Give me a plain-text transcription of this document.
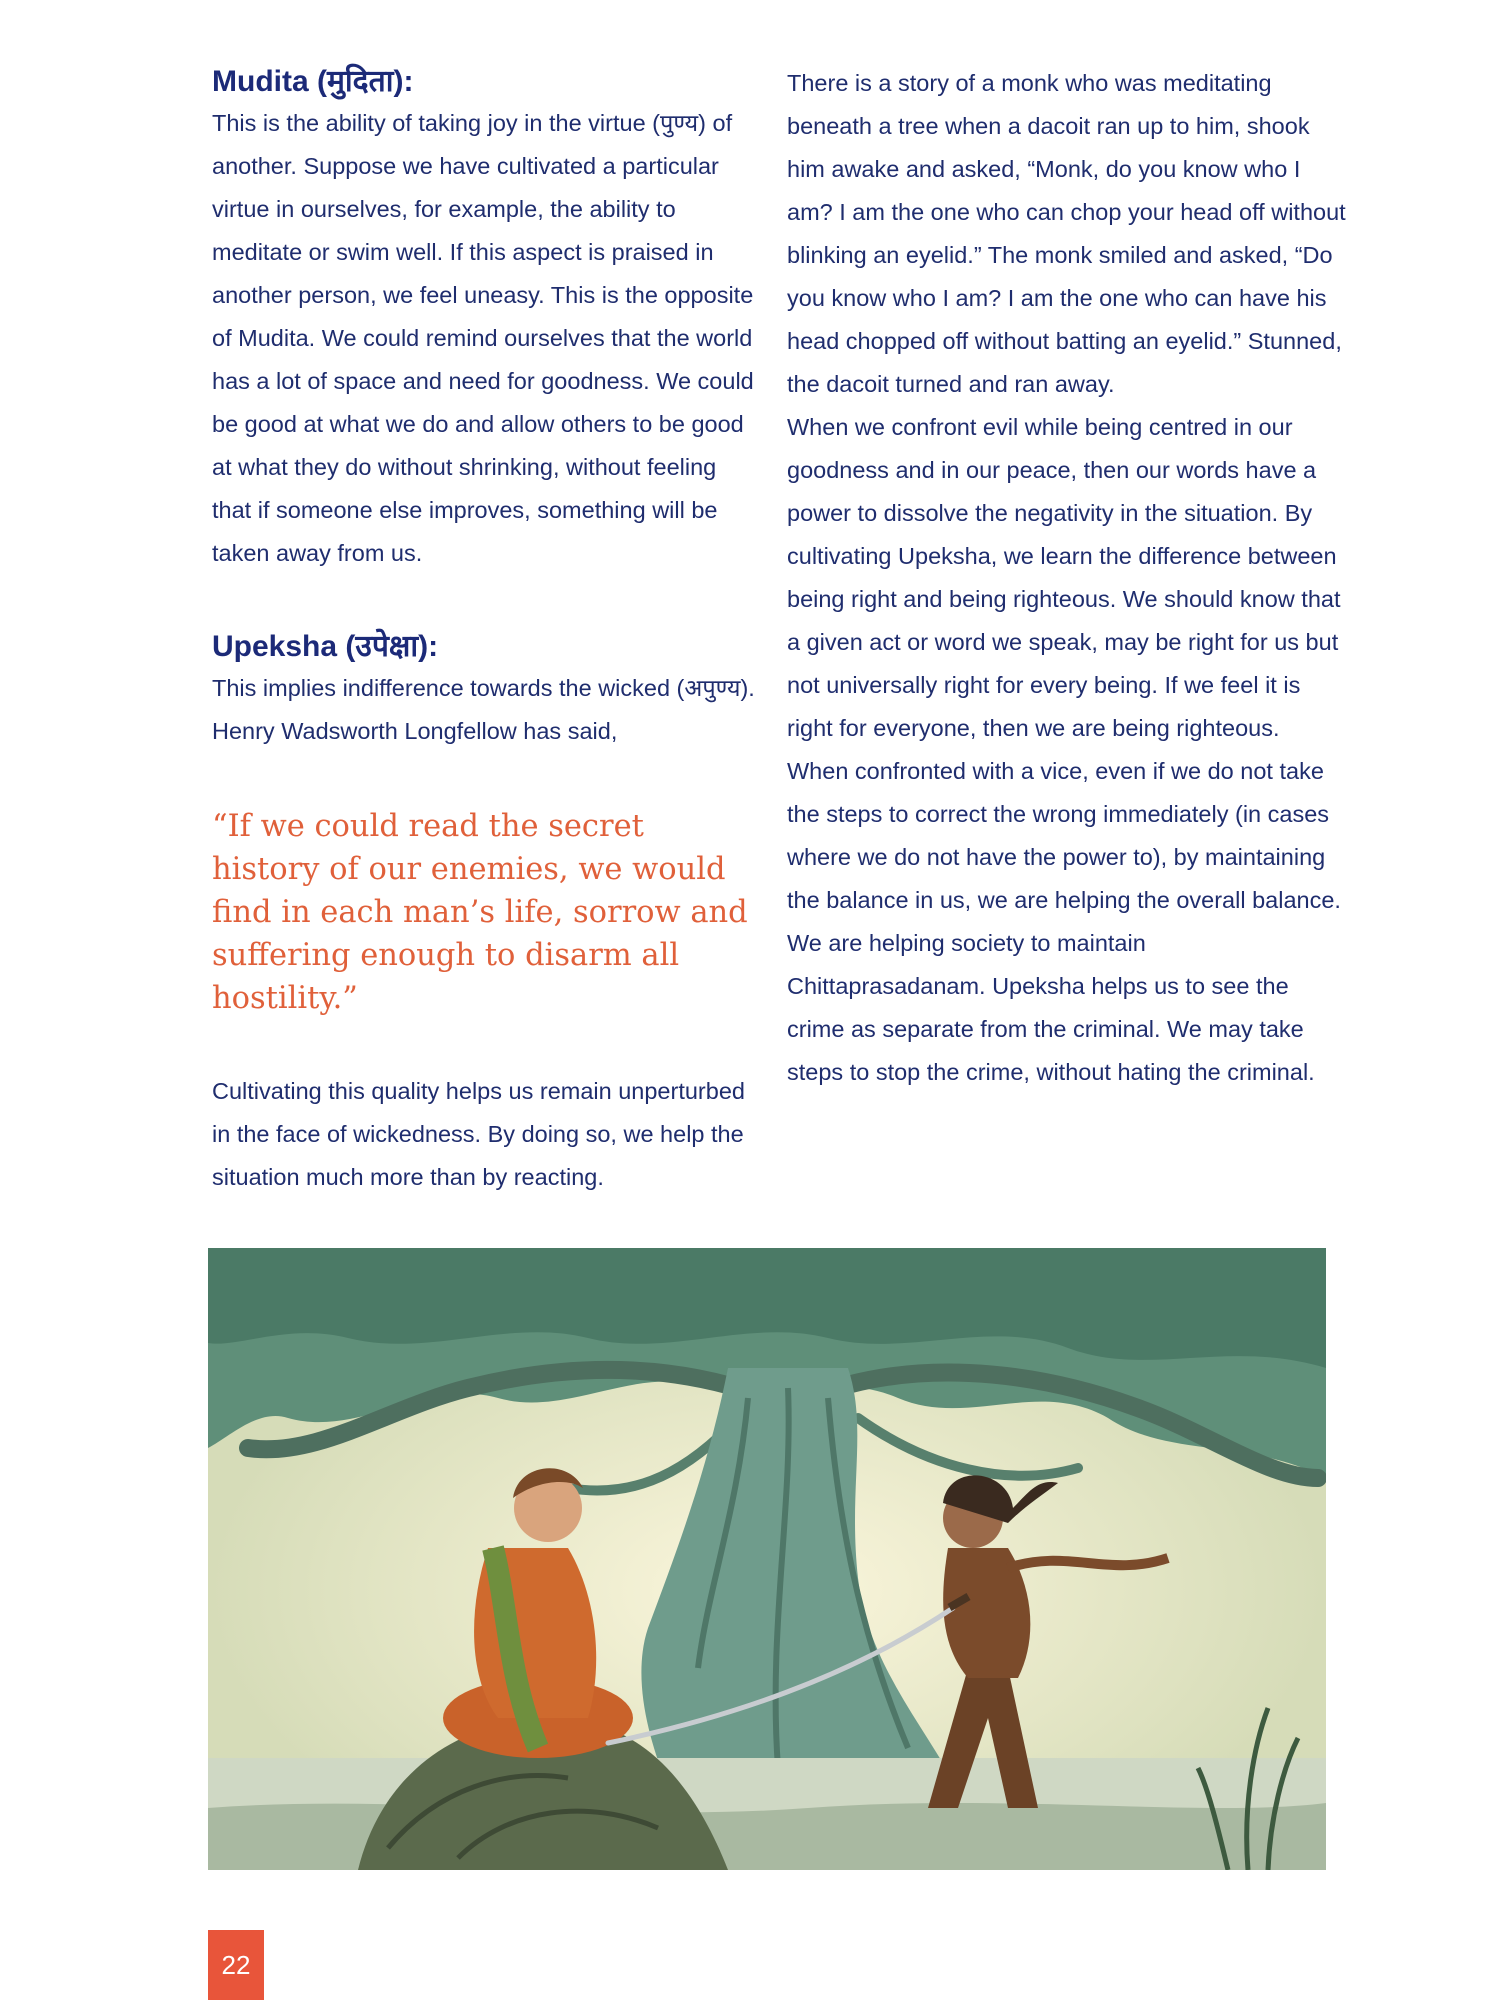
Mudita (मुदिता):

This is the ability of taking joy in the virtue (पुण्य) of another. Suppose we have cultivated a particular virtue in ourselves, for example, the ability to meditate or swim well. If this aspect is praised in another person, we feel uneasy. This is the opposite of Mudita. We could remind ourselves that the world has a lot of space and need for goodness. We could be good at what we do and allow others to be good at what they do without shrinking, without feeling that if someone else improves, something will be taken away from us.

Upeksha (उपेक्षा):

This implies indifference towards the wicked (अपुण्य). Henry Wadsworth Longfellow has said,

“If we could read the secret history of our enemies, we would find in each man’s life, sorrow and suffering enough to disarm all hostility.”

Cultivating this quality helps us remain unperturbed in the face of wickedness. By doing so, we help the situation much more than by reacting.

There is a story of a monk who was meditating beneath a tree when a dacoit ran up to him, shook him awake and asked, “Monk, do you know who I am? I am the one who can chop your head off without blinking an eyelid.” The monk smiled and asked, “Do you know who I am? I am the one who can have his head chopped off without batting an eyelid.” Stunned, the dacoit turned and ran away.

When we confront evil while being centred in our goodness and in our peace, then our words have a power to dissolve the negativity in the situation. By cultivating Upeksha, we learn the difference between being right and being righteous. We should know that a given act or word we speak, may be right for us but not universally right for every being. If we feel it is right for everyone, then we are being righteous.

When confronted with a vice, even if we do not take the steps to correct the wrong immediately (in cases where we do not have the power to), by maintaining the balance in us, we are helping the overall balance. We are helping society to maintain Chittaprasadanam. Upeksha helps us to see the crime as separate from the criminal. We may take steps to stop the crime, without hating the criminal.

22
